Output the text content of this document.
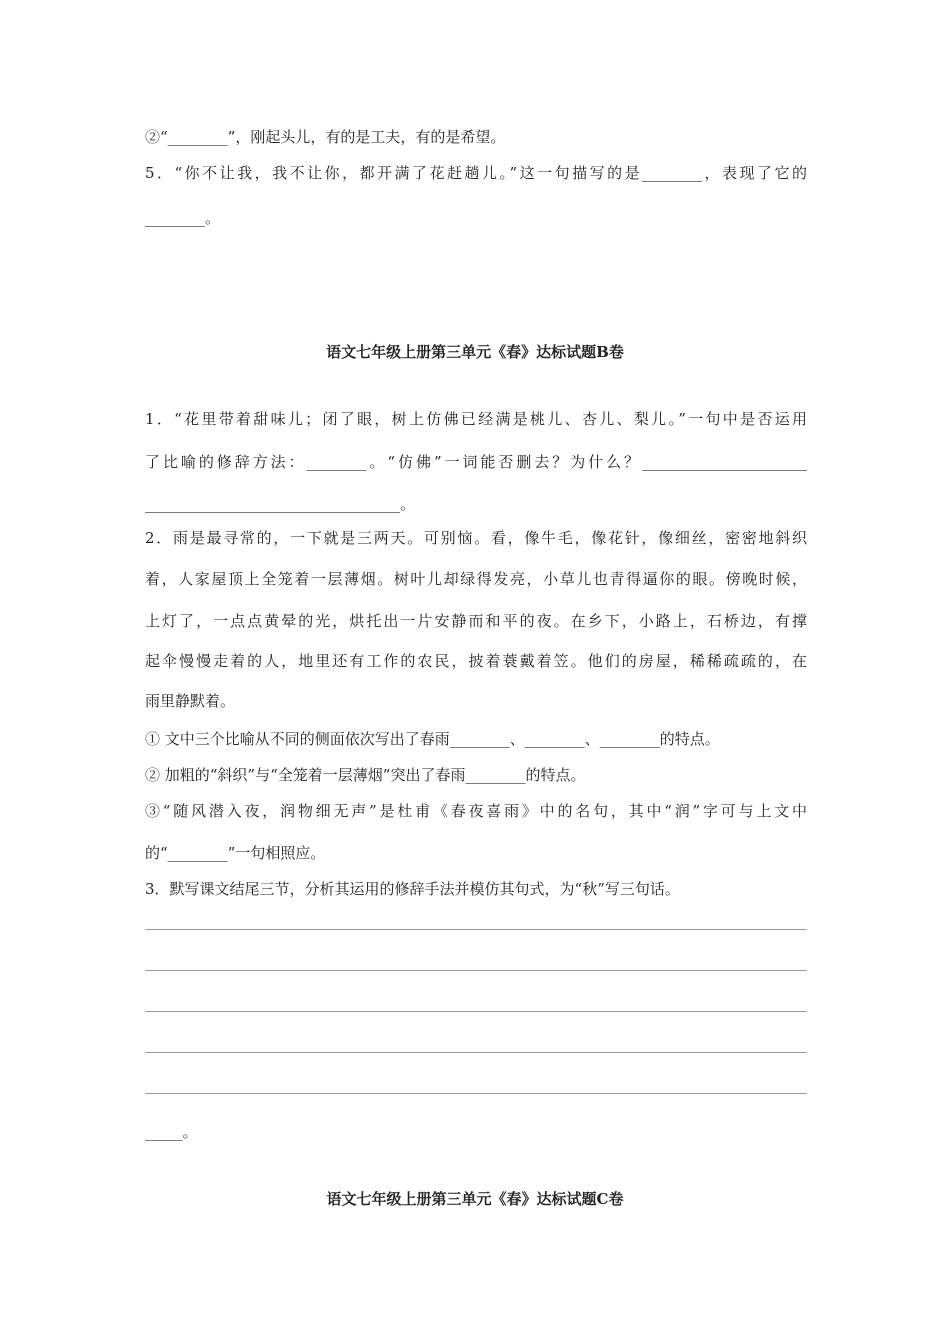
②“________”，刚起头儿，有的是工夫，有的是希望。
5．“你不让我，我不让你，都开满了花赶趟儿。”这一句描写的是________，表现了它的
________。
语文七年级上册第三单元《春》达标试题B卷
1．“花里带着甜味儿；闭了眼，树上仿佛已经满是桃儿、杏儿、梨儿。”一句中是否运用
了比喻的修辞方法：________。“仿佛”一词能否删去？为什么？______________________
__________________________________。
2．雨是最寻常的，一下就是三两天。可别恼。看，像牛毛，像花针，像细丝，密密地斜织
着，人家屋顶上全笼着一层薄烟。树叶儿却绿得发亮，小草儿也青得逼你的眼。傍晚时候，
上灯了，一点点黄晕的光，烘托出一片安静而和平的夜。在乡下，小路上，石桥边，有撑
起伞慢慢走着的人，地里还有工作的农民，披着蓑戴着笠。他们的房屋，稀稀疏疏的，在
雨里静默着。
① 文中三个比喻从不同的侧面依次写出了春雨________、________、________的特点。
② 加粗的“斜织”与“全笼着一层薄烟”突出了春雨________的特点。
③“随风潜入夜，润物细无声”是杜甫《春夜喜雨》中的名句，其中“润”字可与上文中
的“________”一句相照应。
3．默写课文结尾三节，分析其运用的修辞手法并模仿其句式，为“秋”写三句话。
_____。
语文七年级上册第三单元《春》达标试题C卷
